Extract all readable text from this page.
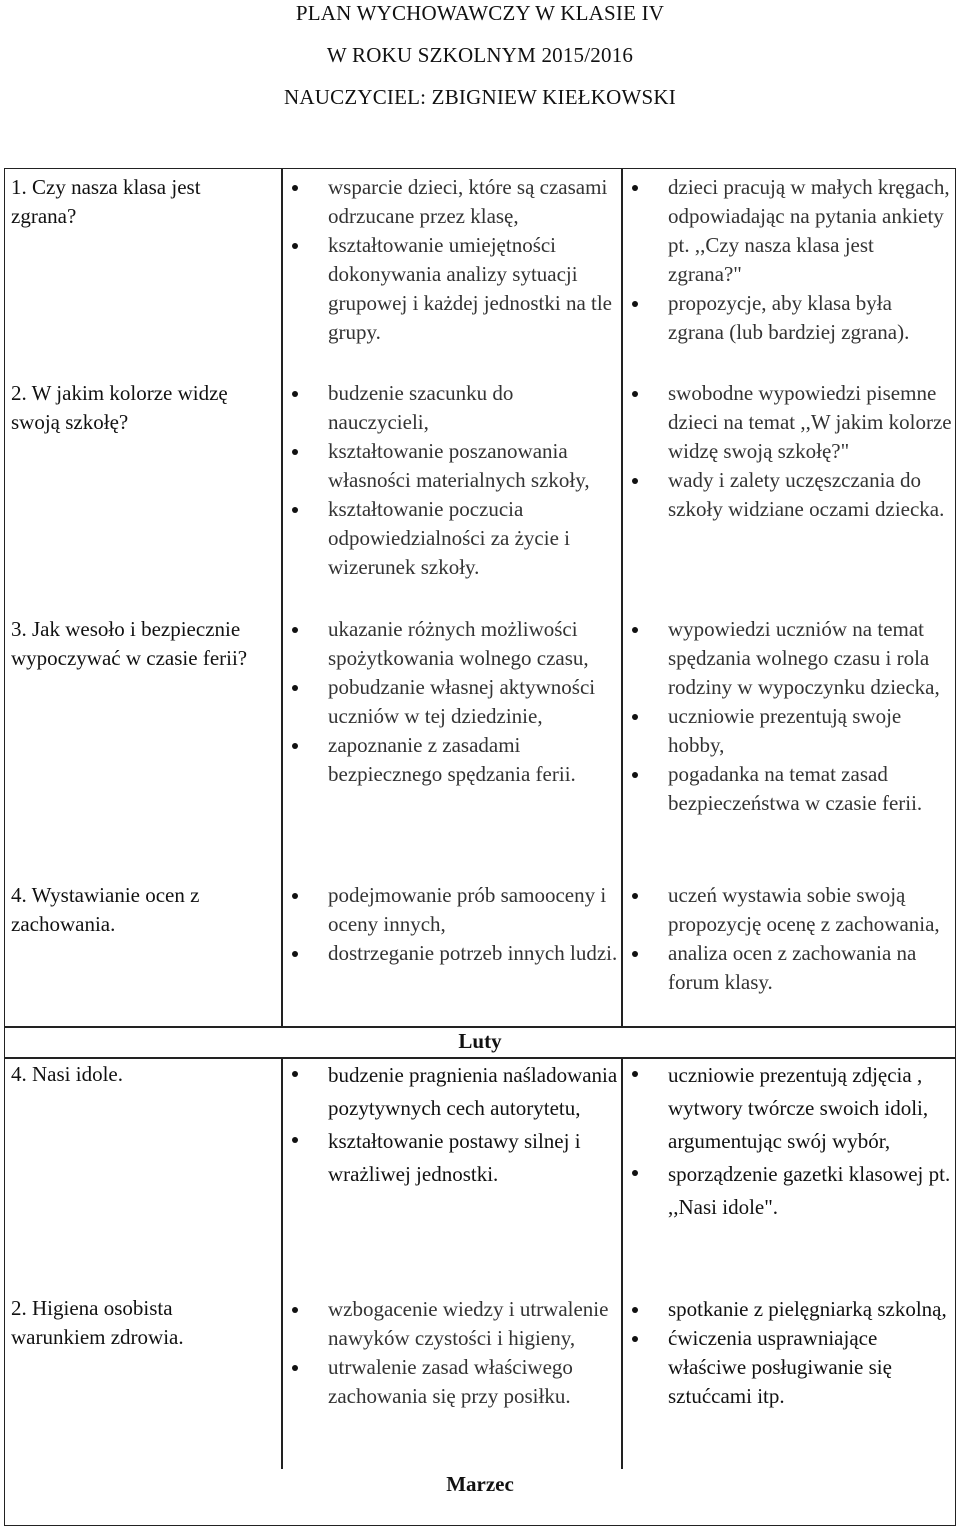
PLAN WYCHOWAWCZY W KLASIE IV
W ROKU SZKOLNYM 2015/2016
NAUCZYCIEL: ZBIGNIEW KIEŁKOWSKI
1. Czy nasza klasa jest zgrana?
wsparcie dzieci, które są czasami odrzucane przez klasę,
kształtowanie umiejętności dokonywania analizy sytuacji grupowej i każdej jednostki na tle grupy.
dzieci pracują w małych kręgach, odpowiadając na pytania ankiety pt. ,,Czy nasza klasa jest zgrana?"
propozycje, aby klasa była zgrana (lub bardziej zgrana).
2. W jakim kolorze widzę swoją szkołę?
budzenie szacunku do nauczycieli,
kształtowanie poszanowania własności materialnych szkoły,
kształtowanie poczucia odpowiedzialności za życie i wizerunek szkoły.
swobodne wypowiedzi pisemne dzieci na temat ,,W jakim kolorze widzę swoją szkołę?"
wady i zalety uczęszczania do szkoły widziane oczami dziecka.
3. Jak wesoło i bezpiecznie wypoczywać w czasie ferii?
ukazanie różnych możliwości spożytkowania wolnego czasu,
pobudzanie własnej aktywności uczniów w tej dziedzinie,
zapoznanie z zasadami bezpiecznego spędzania ferii.
wypowiedzi uczniów na temat spędzania wolnego czasu i rola rodziny w wypoczynku dziecka,
uczniowie prezentują swoje hobby,
pogadanka na temat zasad bezpieczeństwa w czasie ferii.
4. Wystawianie ocen z zachowania.
podejmowanie prób samooceny i oceny innych,
dostrzeganie potrzeb innych ludzi.
uczeń wystawia sobie swoją propozycję ocenę z zachowania,
analiza ocen z zachowania na forum klasy.
Luty
4. Nasi idole.	budzenie pragnienia naśladowania pozytywnych cech autorytetu,
kształtowanie postawy silnej i wrażliwej jednostki.
uczniowie prezentują zdjęcia , wytwory twórcze swoich idoli, argumentując swój wybór,
sporządzenie gazetki klasowej pt. ,,Nasi idole".
2. Higiena osobista warunkiem zdrowia.
wzbogacenie wiedzy i utrwalenie nawyków czystości i higieny,
utrwalenie zasad właściwego zachowania się przy posiłku.
spotkanie z pielęgniarką szkolną,
ćwiczenia usprawniające właściwe posługiwanie się sztućcami itp.
Marzec
